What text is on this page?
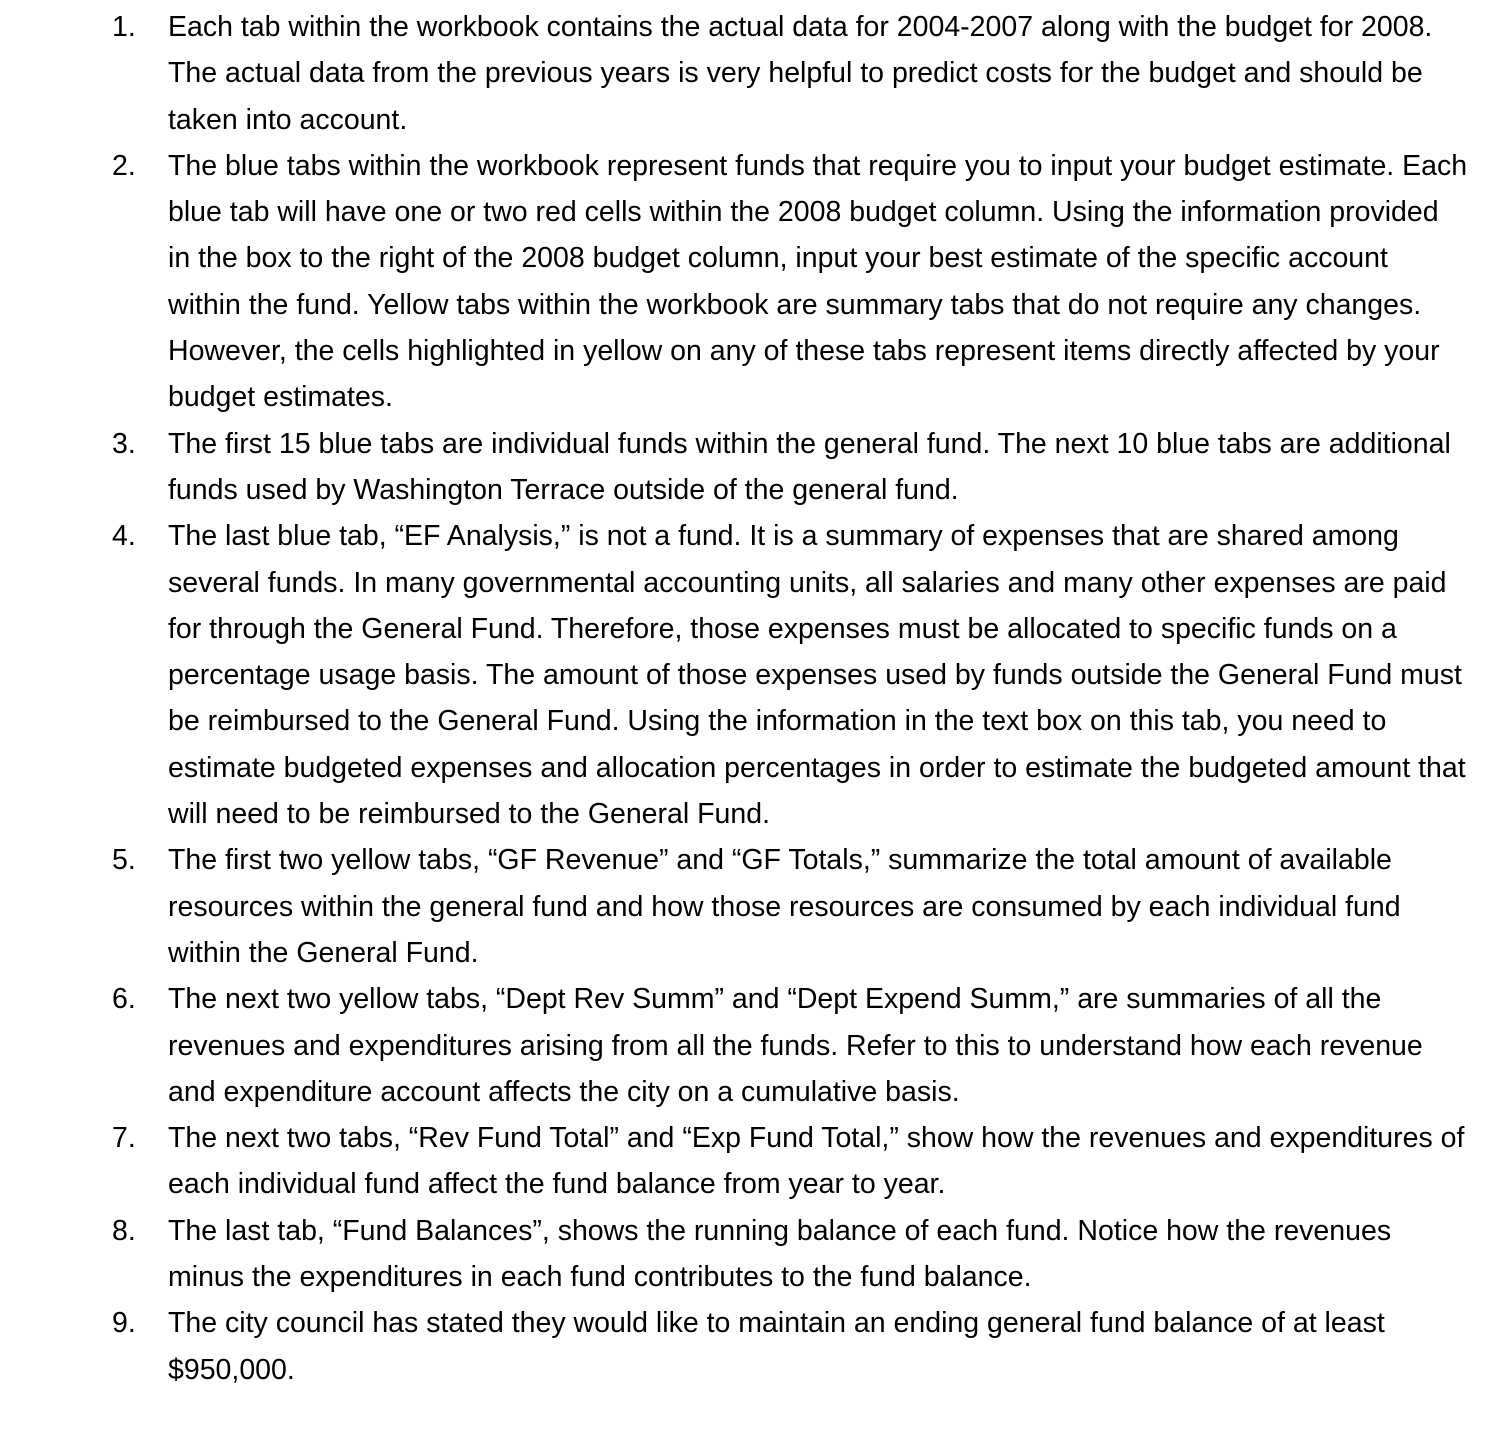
1.	Each tab within the workbook contains the actual data for 2004-2007 along with the budget for 2008. The actual data from the previous years is very helpful to predict costs for the budget and should be taken into account.
2.	The blue tabs within the workbook represent funds that require you to input your budget estimate. Each blue tab will have one or two red cells within the 2008 budget column. Using the information provided in the box to the right of the 2008 budget column, input your best estimate of the specific account within the fund. Yellow tabs within the workbook are summary tabs that do not require any changes. However, the cells highlighted in yellow on any of these tabs represent items directly affected by your budget estimates.
3.	The first 15 blue tabs are individual funds within the general fund. The next 10 blue tabs are additional funds used by Washington Terrace outside of the general fund.
4.	The last blue tab, “EF Analysis,” is not a fund. It is a summary of expenses that are shared among several funds. In many governmental accounting units, all salaries and many other expenses are paid for through the General Fund. Therefore, those expenses must be allocated to specific funds on a percentage usage basis. The amount of those expenses used by funds outside the General Fund must be reimbursed to the General Fund. Using the information in the text box on this tab, you need to estimate budgeted expenses and allocation percentages in order to estimate the budgeted amount that will need to be reimbursed to the General Fund.
5.	The first two yellow tabs, “GF Revenue” and “GF Totals,” summarize the total amount of available resources within the general fund and how those resources are consumed by each individual fund within the General Fund.
6.	The next two yellow tabs, “Dept Rev Summ” and “Dept Expend Summ,” are summaries of all the revenues and expenditures arising from all the funds. Refer to this to understand how each revenue and expenditure account affects the city on a cumulative basis.
7.	The next two tabs, “Rev Fund Total” and “Exp Fund Total,” show how the revenues and expenditures of each individual fund affect the fund balance from year to year.
8.	The last tab, “Fund Balances”, shows the running balance of each fund. Notice how the revenues minus the expenditures in each fund contributes to the fund balance.
9.	The city council has stated they would like to maintain an ending general fund balance of at least $950,000.
